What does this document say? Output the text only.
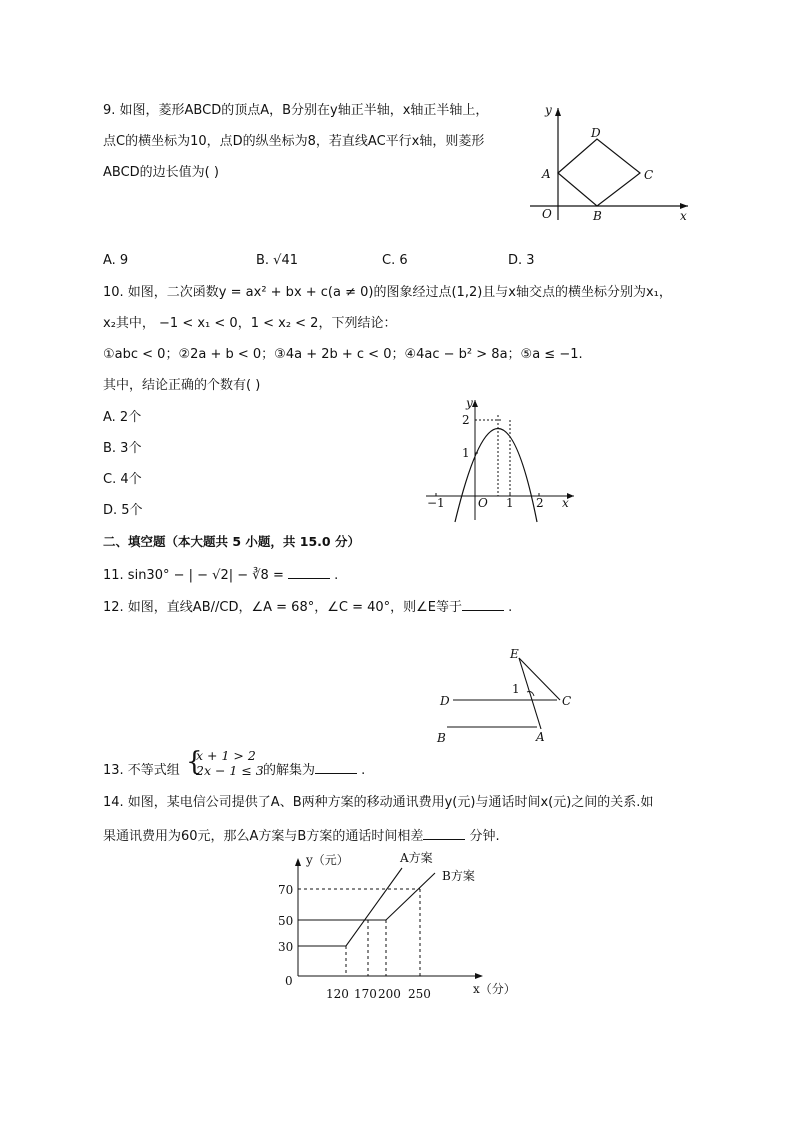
9. 如图，菱形ABCD的顶点A，B分别在y轴正半轴，x轴正半轴上，
点C的横坐标为10，点D的纵坐标为8，若直线AC平行x轴，则菱形
ABCD的边长值为( )
y
x
O
A
B
C
D
A. 9	B. √41	C. 6	D. 3
10. 如图，二次函数y = ax² + bx + c(a ≠ 0)的图象经过点(1,2)且与x轴交点的横坐标分别为x₁，
x₂其中， −1 < x₁ < 0，1 < x₂ < 2，下列结论：
①abc < 0；②2a + b < 0；③4a + 2b + c < 0；④4ac − b² > 8a；⑤a ≤ −1.
其中，结论正确的个数有( )
A. 2个
B. 3个
C. 4个
D. 5个
y
x
O
2
1
−1	1 2
二、填空题（本大题共 5 小题，共 15.0 分）
11. sin30° − | − √2| − ∛8 =	.
12. 如图，直线AB//CD，∠A = 68°，∠C = 40°，则∠E等于	.
E
D	C
B	A
1
13. 不等式组 {
x + 1 > 2
2x − 1 ≤ 3 的解集为	.
14. 如图，某电信公司提供了A、B两种方案的移动通讯费用y(元)与通话时间x(元)之间的关系.如
果通讯费用为60元，那么A方案与B方案的通话时间相差	分钟.
y（元）
x（分）
A方案
B方案
70
50
30
0
120 170 200 250
